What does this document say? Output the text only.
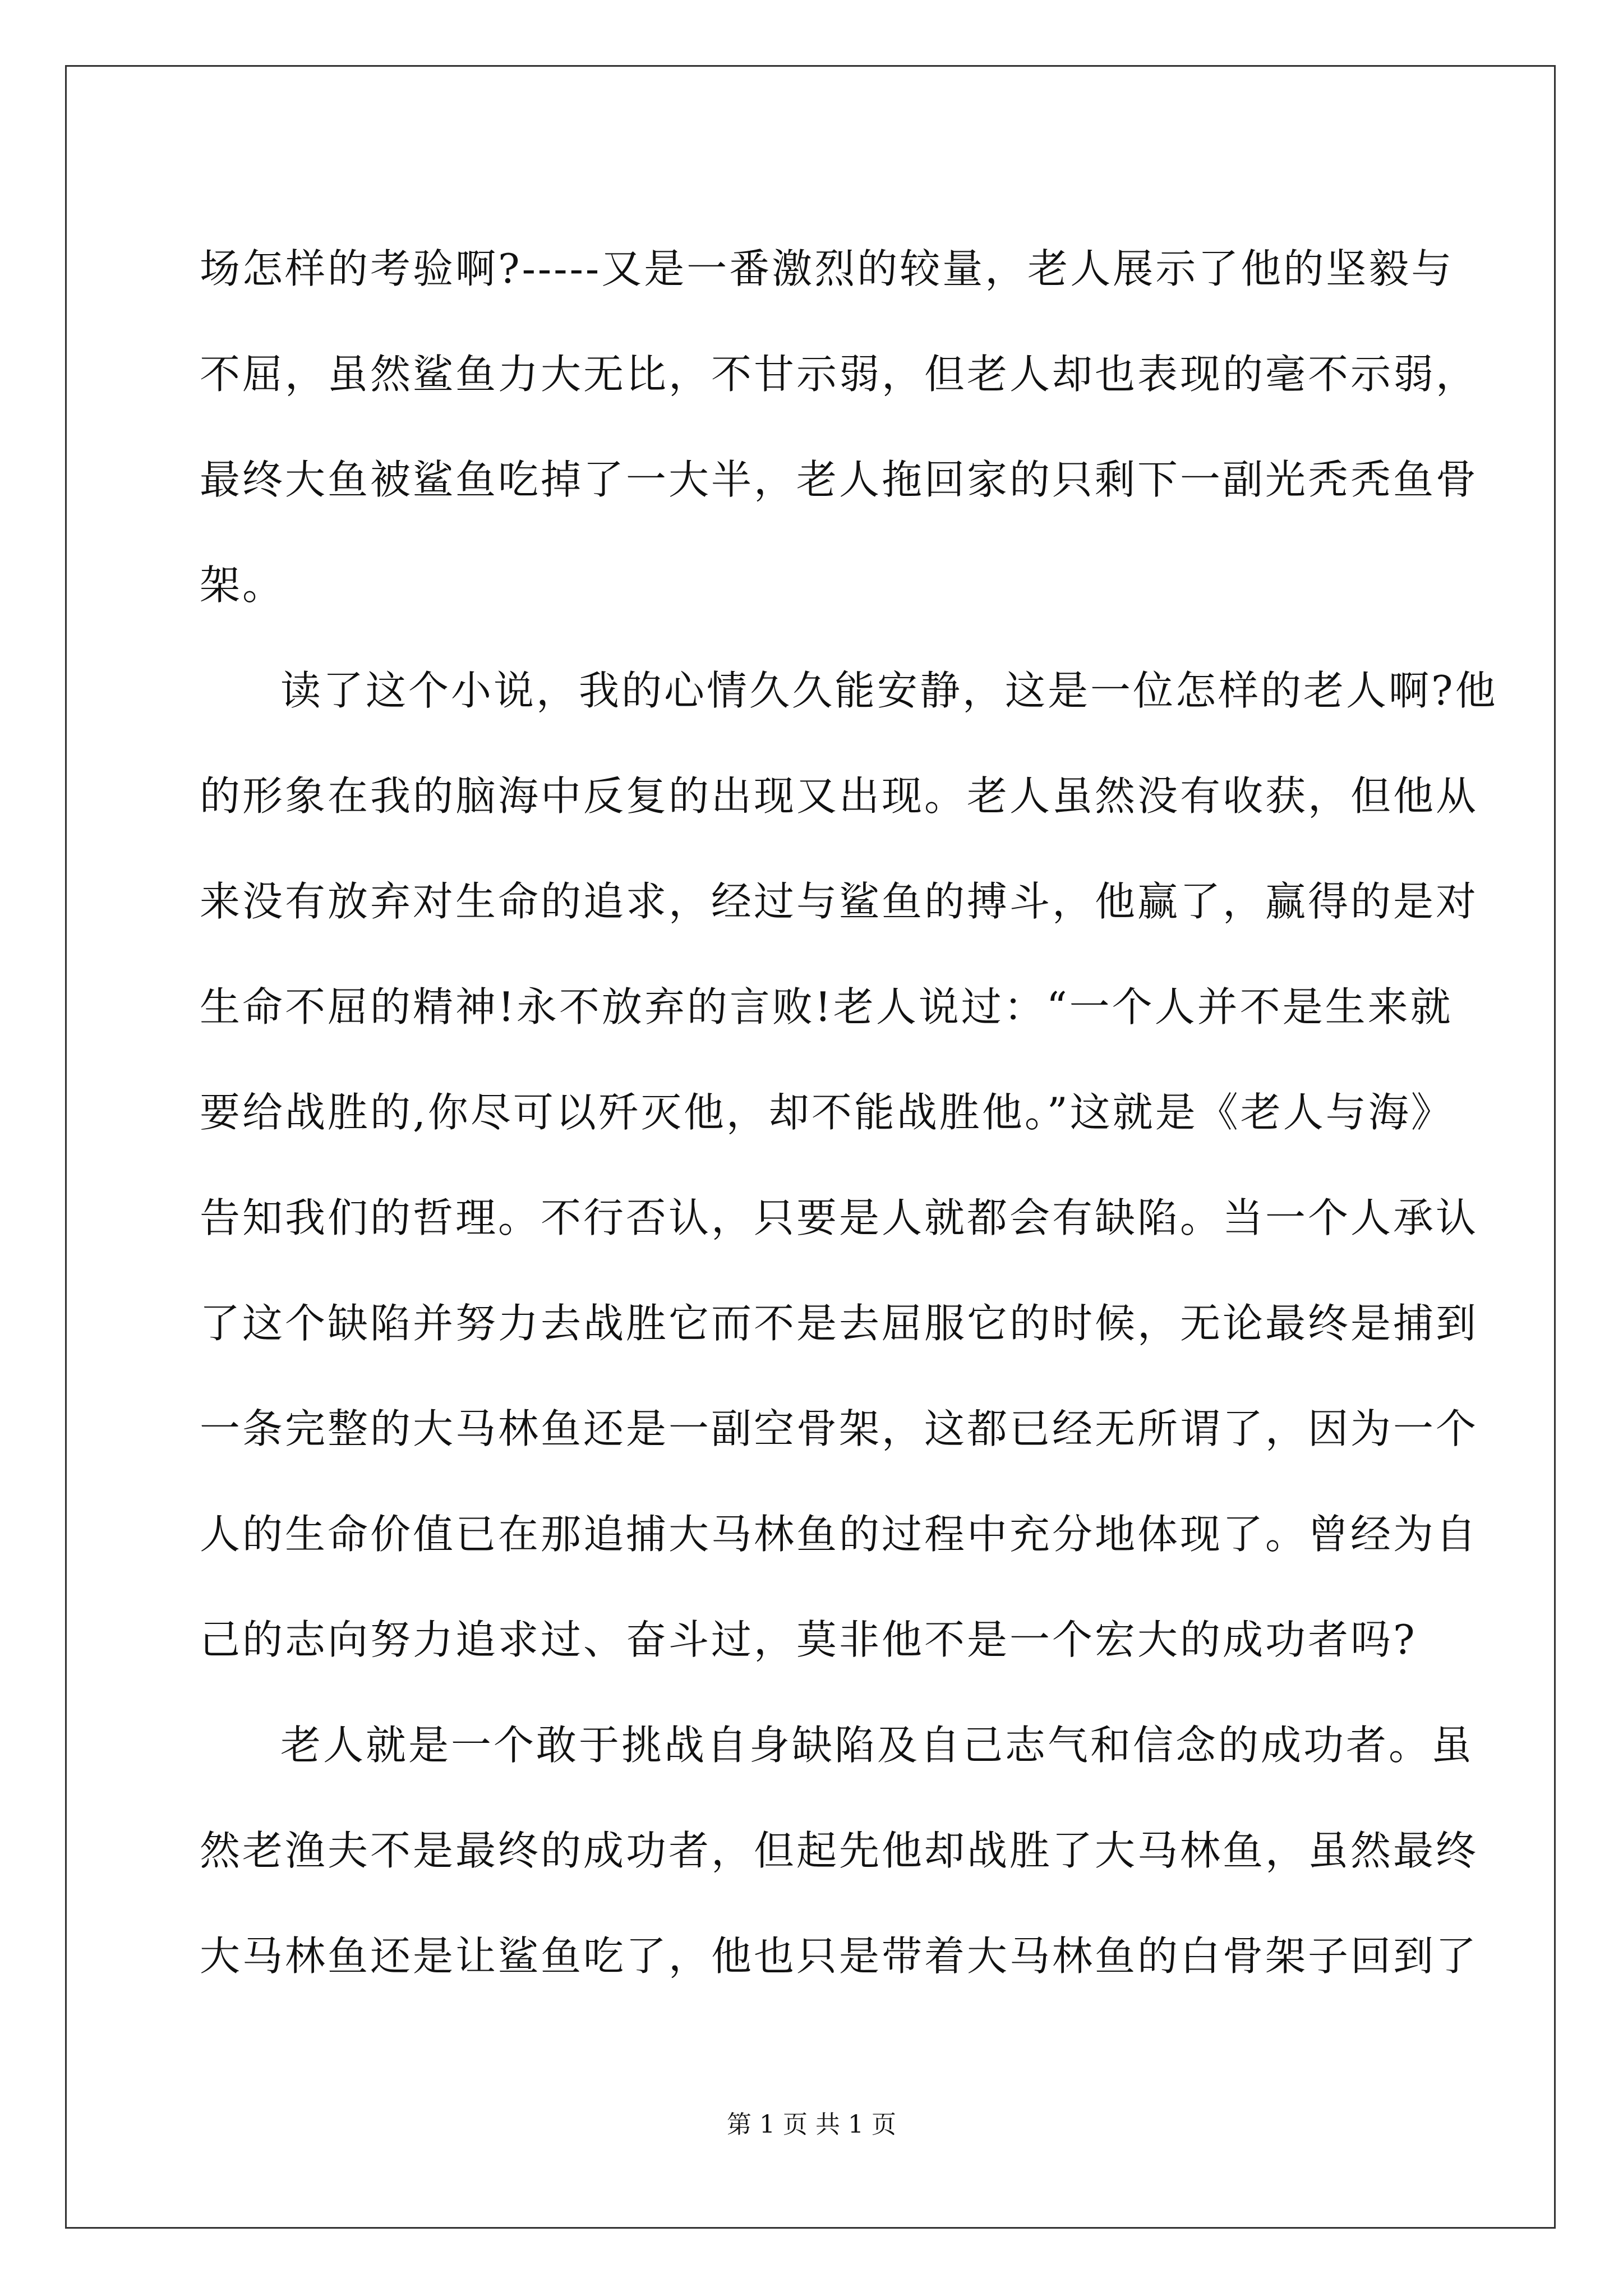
场怎样的考验啊?-----又是一番激烈的较量，老人展示了他的坚毅与
不屈，虽然鲨鱼力大无比，不甘示弱，但老人却也表现的毫不示弱，
最终大鱼被鲨鱼吃掉了一大半，老人拖回家的只剩下一副光秃秃鱼骨
架。
读了这个小说，我的心情久久能安静，这是一位怎样的老人啊?他
的形象在我的脑海中反复的出现又出现。老人虽然没有收获，但他从
来没有放弃对生命的追求，经过与鲨鱼的搏斗，他赢了，赢得的是对
生命不屈的精神!永不放弃的言败!老人说过：“一个人并不是生来就
要给战胜的,你尽可以歼灭他，却不能战胜他。”这就是《老人与海》
告知我们的哲理。不行否认，只要是人就都会有缺陷。当一个人承认
了这个缺陷并努力去战胜它而不是去屈服它的时候，无论最终是捕到
一条完整的大马林鱼还是一副空骨架，这都已经无所谓了，因为一个
人的生命价值已在那追捕大马林鱼的过程中充分地体现了。曾经为自
己的志向努力追求过、奋斗过，莫非他不是一个宏大的成功者吗?
老人就是一个敢于挑战自身缺陷及自己志气和信念的成功者。虽
然老渔夫不是最终的成功者，但起先他却战胜了大马林鱼，虽然最终
大马林鱼还是让鲨鱼吃了，他也只是带着大马林鱼的白骨架子回到了
第 1 页 共 1 页
